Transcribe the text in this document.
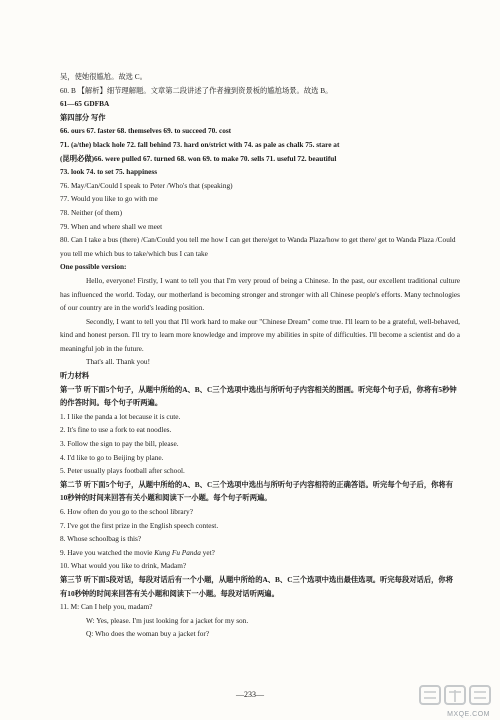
吴，使她很尴尬。故选 C。
60. B 【解析】细节理解题。文章第二段讲述了作者撞到资景板的尴尬场景。故选 B。
61—65 GDFBA
第四部分 写作
66. ours 67. faster 68. themselves 69. to succeed 70. cost
71. (a/the) black hole 72. fall behind 73. hard on/strict with 74. as pale as chalk 75. stare at
(昆明必做)66. were pulled 67. turned 68. won 69. to make 70. sells 71. useful 72. beautiful
73. look 74. to set 75. happiness
76. May/Can/Could I speak to Peter /Who's that (speaking)
77. Would you like to go with me
78. Neither (of them)
79. When and where shall we meet
80. Can I take a bus (there) /Can/Could you tell me how I can get there/get to Wanda Plaza/how to get there/ get to Wanda Plaza /Could you tell me which bus to take/which bus I can take
One possible version:
Hello, everyone! Firstly, I want to tell you that I'm very proud of being a Chinese. In the past, our excellent traditional culture has influenced the world. Today, our motherland is becoming stronger and stronger with all Chinese people's efforts. Many technologies of our country are in the world's leading position.
Secondly, I want to tell you that I'll work hard to make our "Chinese Dream" come true. I'll learn to be a grateful, well-behaved, kind and honest person. I'll try to learn more knowledge and improve my abilities in spite of difficulties. I'll become a scientist and do a meaningful job in the future.
That's all. Thank you!
听力材料
第一节 听下面5个句子，从题中所给的A、B、C三个选项中选出与所听句子内容相关的图画。听完每个句子后，你将有5秒钟的作答时间。每个句子听两遍。
1. I like the panda a lot because it is cute.
2. It's fine to use a fork to eat noodles.
3. Follow the sign to pay the bill, please.
4. I'd like to go to Beijing by plane.
5. Peter usually plays football after school.
第二节 听下面5个句子，从题中所给的A、B、C三个选项中选出与所听句子内容相符的正确答语。听完每个句子后，你将有10秒钟的时间来回答有关小题和阅读下一小题。每个句子听两遍。
6. How often do you go to the school library?
7. I've got the first prize in the English speech contest.
8. Whose schoolbag is this?
9. Have you watched the movie Kung Fu Panda yet?
10. What would you like to drink, Madam?
第三节 听下面5段对话，每段对话后有一个小题，从题中所给的A、B、C三个选项中选出最佳选项。听完每段对话后，你将有10秒钟的时间来回答有关小题和阅读下一小题。每段对话听两遍。
11. M: Can I help you, madam?
W: Yes, please. I'm just looking for a jacket for my son.
Q: Who does the woman buy a jacket for?
—233—
MXQE.COM
